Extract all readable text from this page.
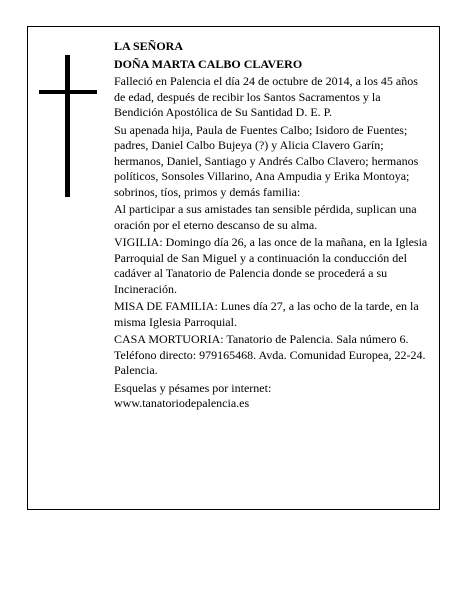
LA SEÑORA

DOÑA MARTA CALBO CLAVERO

Falleció en Palencia el día 24 de octubre de 2014, a los 45 años de edad, después de recibir los Santos Sacramentos y la Bendición Apostólica de Su Santidad D. E. P.

Su apenada hija, Paula de Fuentes Calbo; Isidoro de Fuentes; padres, Daniel Calbo Bujeya (?) y Alicia Clavero Garín; hermanos, Daniel, Santiago y Andrés Calbo Clavero; hermanos políticos, Sonsoles Villarino, Ana Ampudia y Erika Montoya; sobrinos, tíos, primos y demás familia:

Al participar a sus amistades tan sensible pérdida, suplican una oración por el eterno descanso de su alma.

VIGILIA: Domingo día 26, a las once de la mañana, en la Iglesia Parroquial de San Miguel y a continuación la conducción del cadáver al Tanatorio de Palencia donde se procederá a su Incineración.

MISA DE FAMILIA: Lunes día 27, a las ocho de la tarde, en la misma Iglesia Parroquial.

CASA MORTUORIA: Tanatorio de Palencia. Sala número 6. Teléfono directo: 979165468. Avda. Comunidad Europea, 22-24. Palencia.

Esquelas y pésames por internet:

www.tanatoriodepalencia.es
